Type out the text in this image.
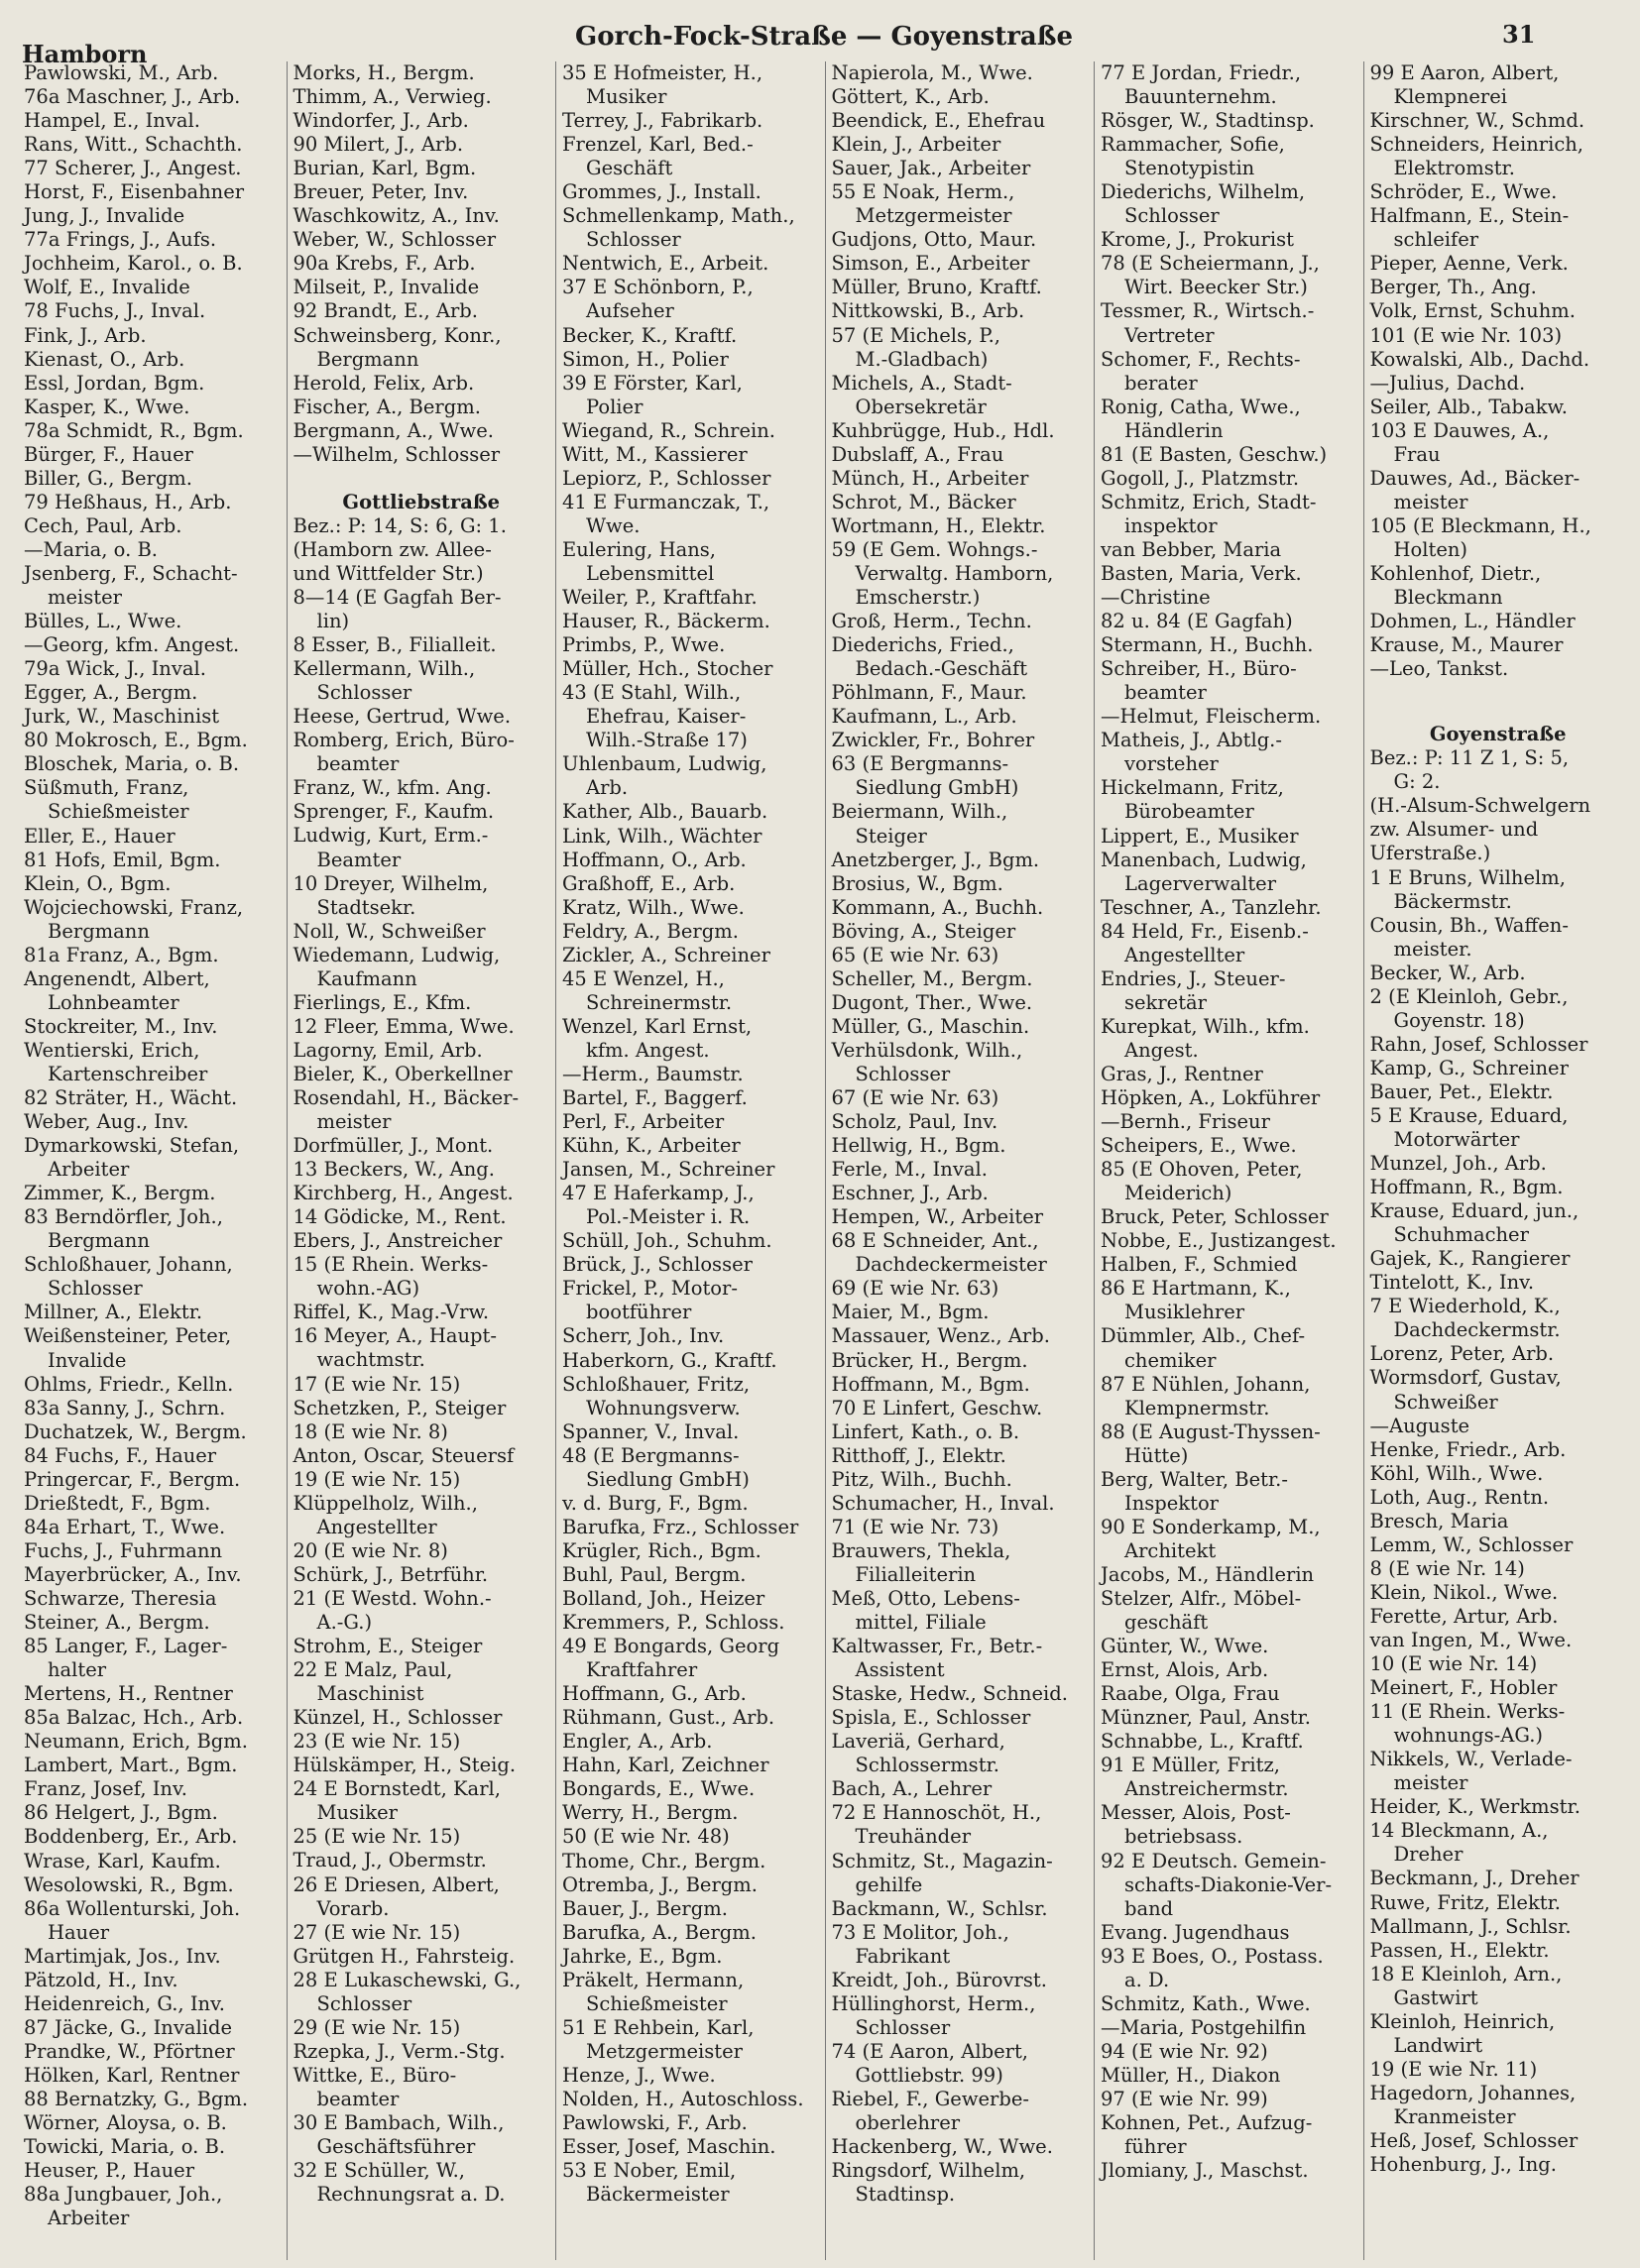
Hamborn
Gorch-Fock-Straße — Goyenstraße	31
Pawlowski, M., Arb.
76a Maschner, J., Arb.
Hampel, E., Inval.
Rans, Witt., Schachth.
77 Scherer, J., Angest.
Horst, F., Eisenbahner
Jung, J., Invalide
77a Frings, J., Aufs.
Jochheim, Karol., o. B.
Wolf, E., Invalide
78 Fuchs, J., Inval.
Fink, J., Arb.
Kienast, O., Arb.
Essl, Jordan, Bgm.
Kasper, K., Wwe.
78a Schmidt, R., Bgm.
Bürger, F., Hauer
Biller, G., Bergm.
79 Heßhaus, H., Arb.
Cech, Paul, Arb.
—Maria, o. B.
Jsenberg, F., Schacht-
meister
Bülles, L., Wwe.
—Georg, kfm. Angest.
79a Wick, J., Inval.
Egger, A., Bergm.
Jurk, W., Maschinist
80 Mokrosch, E., Bgm.
Bloschek, Maria, o. B.
Süßmuth, Franz,
Schießmeister
Eller, E., Hauer
81 Hofs, Emil, Bgm.
Klein, O., Bgm.
Wojciechowski, Franz,
Bergmann
81a Franz, A., Bgm.
Angenendt, Albert,
Lohnbeamter
Stockreiter, M., Inv.
Wentierski, Erich,
Kartenschreiber
82 Sträter, H., Wächt.
Weber, Aug., Inv.
Dymarkowski, Stefan,
Arbeiter
Zimmer, K., Bergm.
83 Berndörfler, Joh.,
Bergmann
Schloßhauer, Johann,
Schlosser
Millner, A., Elektr.
Weißensteiner, Peter,
Invalide
Ohlms, Friedr., Kelln.
83a Sanny, J., Schrn.
Duchatzek, W., Bergm.
84 Fuchs, F., Hauer
Pringercar, F., Bergm.
Drießtedt, F., Bgm.
84a Erhart, T., Wwe.
Fuchs, J., Fuhrmann
Mayerbrücker, A., Inv.
Schwarze, Theresia
Steiner, A., Bergm.
85 Langer, F., Lager-
halter
Mertens, H., Rentner
85a Balzac, Hch., Arb.
Neumann, Erich, Bgm.
Lambert, Mart., Bgm.
Franz, Josef, Inv.
86 Helgert, J., Bgm.
Boddenberg, Er., Arb.
Wrase, Karl, Kaufm.
Wesolowski, R., Bgm.
86a Wollenturski, Joh.
Hauer
Martimjak, Jos., Inv.
Pätzold, H., Inv.
Heidenreich, G., Inv.
87 Jäcke, G., Invalide
Prandke, W., Pförtner
Hölken, Karl, Rentner
88 Bernatzky, G., Bgm.
Wörner, Aloysa, o. B.
Towicki, Maria, o. B.
Heuser, P., Hauer
88a Jungbauer, Joh.,
Arbeiter
Morks, H., Bergm.
Thimm, A., Verwieg.
Windorfer, J., Arb.
90 Milert, J., Arb.
Burian, Karl, Bgm.
Breuer, Peter, Inv.
Waschkowitz, A., Inv.
Weber, W., Schlosser
90a Krebs, F., Arb.
Milseit, P., Invalide
92 Brandt, E., Arb.
Schweinsberg, Konr.,
Bergmann
Herold, Felix, Arb.
Fischer, A., Bergm.
Bergmann, A., Wwe.
—Wilhelm, Schlosser
Gottliebstraße
Bez.: P: 14, S: 6, G: 1.
(Hamborn zw. Allee-
und Wittfelder Str.)
8—14 (E Gagfah Ber-
lin)
8 Esser, B., Filialleit.
Kellermann, Wilh.,
Schlosser
Heese, Gertrud, Wwe.
Romberg, Erich, Büro-
beamter
Franz, W., kfm. Ang.
Sprenger, F., Kaufm.
Ludwig, Kurt, Erm.-
Beamter
10 Dreyer, Wilhelm,
Stadtsekr.
Noll, W., Schweißer
Wiedemann, Ludwig,
Kaufmann
Fierlings, E., Kfm.
12 Fleer, Emma, Wwe.
Lagorny, Emil, Arb.
Bieler, K., Oberkellner
Rosendahl, H., Bäcker-
meister
Dorfmüller, J., Mont.
13 Beckers, W., Ang.
Kirchberg, H., Angest.
14 Gödicke, M., Rent.
Ebers, J., Anstreicher
15 (E Rhein. Werks-
wohn.-AG)
Riffel, K., Mag.-Vrw.
16 Meyer, A., Haupt-
wachtmstr.
17 (E wie Nr. 15)
Schetzken, P., Steiger
18 (E wie Nr. 8)
Anton, Oscar, Steuersf
19 (E wie Nr. 15)
Klüppelholz, Wilh.,
Angestellter
20 (E wie Nr. 8)
Schürk, J., Betrführ.
21 (E Westd. Wohn.-
A.-G.)
Strohm, E., Steiger
22 E Malz, Paul,
Maschinist
Künzel, H., Schlosser
23 (E wie Nr. 15)
Hülskämper, H., Steig.
24 E Bornstedt, Karl,
Musiker
25 (E wie Nr. 15)
Traud, J., Obermstr.
26 E Driesen, Albert,
Vorarb.
27 (E wie Nr. 15)
Grütgen H., Fahrsteig.
28 E Lukaschewski, G.,
Schlosser
29 (E wie Nr. 15)
Rzepka, J., Verm.-Stg.
Wittke, E., Büro-
beamter
30 E Bambach, Wilh.,
Geschäftsführer
32 E Schüller, W.,
Rechnungsrat a. D.
35 E Hofmeister, H.,
Musiker
Terrey, J., Fabrikarb.
Frenzel, Karl, Bed.-
Geschäft
Grommes, J., Install.
Schmellenkamp, Math.,
Schlosser
Nentwich, E., Arbeit.
37 E Schönborn, P.,
Aufseher
Becker, K., Kraftf.
Simon, H., Polier
39 E Förster, Karl,
Polier
Wiegand, R., Schrein.
Witt, M., Kassierer
Lepiorz, P., Schlosser
41 E Furmanczak, T.,
Wwe.
Eulering, Hans,
Lebensmittel
Weiler, P., Kraftfahr.
Hauser, R., Bäckerm.
Primbs, P., Wwe.
Müller, Hch., Stocher
43 (E Stahl, Wilh.,
Ehefrau, Kaiser-
Wilh.-Straße 17)
Uhlenbaum, Ludwig,
Arb.
Kather, Alb., Bauarb.
Link, Wilh., Wächter
Hoffmann, O., Arb.
Graßhoff, E., Arb.
Kratz, Wilh., Wwe.
Feldry, A., Bergm.
Zickler, A., Schreiner
45 E Wenzel, H.,
Schreinermstr.
Wenzel, Karl Ernst,
kfm. Angest.
—Herm., Baumstr.
Bartel, F., Baggerf.
Perl, F., Arbeiter
Kühn, K., Arbeiter
Jansen, M., Schreiner
47 E Haferkamp, J.,
Pol.-Meister i. R.
Schüll, Joh., Schuhm.
Brück, J., Schlosser
Frickel, P., Motor-
bootführer
Scherr, Joh., Inv.
Haberkorn, G., Kraftf.
Schloßhauer, Fritz,
Wohnungsverw.
Spanner, V., Inval.
48 (E Bergmanns-
Siedlung GmbH)
v. d. Burg, F., Bgm.
Barufka, Frz., Schlosser
Krügler, Rich., Bgm.
Buhl, Paul, Bergm.
Bolland, Joh., Heizer
Kremmers, P., Schloss.
49 E Bongards, Georg
Kraftfahrer
Hoffmann, G., Arb.
Rühmann, Gust., Arb.
Engler, A., Arb.
Hahn, Karl, Zeichner
Bongards, E., Wwe.
Werry, H., Bergm.
50 (E wie Nr. 48)
Thome, Chr., Bergm.
Otremba, J., Bergm.
Bauer, J., Bergm.
Barufka, A., Bergm.
Jahrke, E., Bgm.
Präkelt, Hermann,
Schießmeister
51 E Rehbein, Karl,
Metzgermeister
Henze, J., Wwe.
Nolden, H., Autoschloss.
Pawlowski, F., Arb.
Esser, Josef, Maschin.
53 E Nober, Emil,
Bäckermeister
Napierola, M., Wwe.
Göttert, K., Arb.
Beendick, E., Ehefrau
Klein, J., Arbeiter
Sauer, Jak., Arbeiter
55 E Noak, Herm.,
Metzgermeister
Gudjons, Otto, Maur.
Simson, E., Arbeiter
Müller, Bruno, Kraftf.
Nittkowski, B., Arb.
57 (E Michels, P.,
M.-Gladbach)
Michels, A., Stadt-
Obersekretär
Kuhbrügge, Hub., Hdl.
Dubslaff, A., Frau
Münch, H., Arbeiter
Schrot, M., Bäcker
Wortmann, H., Elektr.
59 (E Gem. Wohngs.-
Verwaltg. Hamborn,
Emscherstr.)
Groß, Herm., Techn.
Diederichs, Fried.,
Bedach.-Geschäft
Pöhlmann, F., Maur.
Kaufmann, L., Arb.
Zwickler, Fr., Bohrer
63 (E Bergmanns-
Siedlung GmbH)
Beiermann, Wilh.,
Steiger
Anetzberger, J., Bgm.
Brosius, W., Bgm.
Kommann, A., Buchh.
Böving, A., Steiger
65 (E wie Nr. 63)
Scheller, M., Bergm.
Dugont, Ther., Wwe.
Müller, G., Maschin.
Verhülsdonk, Wilh.,
Schlosser
67 (E wie Nr. 63)
Scholz, Paul, Inv.
Hellwig, H., Bgm.
Ferle, M., Inval.
Eschner, J., Arb.
Hempen, W., Arbeiter
68 E Schneider, Ant.,
Dachdeckermeister
69 (E wie Nr. 63)
Maier, M., Bgm.
Massauer, Wenz., Arb.
Brücker, H., Bergm.
Hoffmann, M., Bgm.
70 E Linfert, Geschw.
Linfert, Kath., o. B.
Ritthoff, J., Elektr.
Pitz, Wilh., Buchh.
Schumacher, H., Inval.
71 (E wie Nr. 73)
Brauwers, Thekla,
Filialleiterin
Meß, Otto, Lebens-
mittel, Filiale
Kaltwasser, Fr., Betr.-
Assistent
Staske, Hedw., Schneid.
Spisla, E., Schlosser
Laveriä, Gerhard,
Schlossermstr.
Bach, A., Lehrer
72 E Hannoschöt, H.,
Treuhänder
Schmitz, St., Magazin-
gehilfe
Backmann, W., Schlsr.
73 E Molitor, Joh.,
Fabrikant
Kreidt, Joh., Bürovrst.
Hüllinghorst, Herm.,
Schlosser
74 (E Aaron, Albert,
Gottliebstr. 99)
Riebel, F., Gewerbe-
oberlehrer
Hackenberg, W., Wwe.
Ringsdorf, Wilhelm,
Stadtinsp.
77 E Jordan, Friedr.,
Bauunternehm.
Rösger, W., Stadtinsp.
Rammacher, Sofie,
Stenotypistin
Diederichs, Wilhelm,
Schlosser
Krome, J., Prokurist
78 (E Scheiermann, J.,
Wirt. Beecker Str.)
Tessmer, R., Wirtsch.-
Vertreter
Schomer, F., Rechts-
berater
Ronig, Catha, Wwe.,
Händlerin
81 (E Basten, Geschw.)
Gogoll, J., Platzmstr.
Schmitz, Erich, Stadt-
inspektor
van Bebber, Maria
Basten, Maria, Verk.
—Christine
82 u. 84 (E Gagfah)
Stermann, H., Buchh.
Schreiber, H., Büro-
beamter
—Helmut, Fleischerm.
Matheis, J., Abtlg.-
vorsteher
Hickelmann, Fritz,
Bürobeamter
Lippert, E., Musiker
Manenbach, Ludwig,
Lagerverwalter
Teschner, A., Tanzlehr.
84 Held, Fr., Eisenb.-
Angestellter
Endries, J., Steuer-
sekretär
Kurepkat, Wilh., kfm.
Angest.
Gras, J., Rentner
Höpken, A., Lokführer
—Bernh., Friseur
Scheipers, E., Wwe.
85 (E Ohoven, Peter,
Meiderich)
Bruck, Peter, Schlosser
Nobbe, E., Justizangest.
Halben, F., Schmied
86 E Hartmann, K.,
Musiklehrer
Dümmler, Alb., Chef-
chemiker
87 E Nühlen, Johann,
Klempnermstr.
88 (E August-Thyssen-
Hütte)
Berg, Walter, Betr.-
Inspektor
90 E Sonderkamp, M.,
Architekt
Jacobs, M., Händlerin
Stelzer, Alfr., Möbel-
geschäft
Günter, W., Wwe.
Ernst, Alois, Arb.
Raabe, Olga, Frau
Münzner, Paul, Anstr.
Schnabbe, L., Kraftf.
91 E Müller, Fritz,
Anstreichermstr.
Messer, Alois, Post-
betriebsass.
92 E Deutsch. Gemein-
schafts-Diakonie-Ver-
band
Evang. Jugendhaus
93 E Boes, O., Postass.
a. D.
Schmitz, Kath., Wwe.
—Maria, Postgehilfin
94 (E wie Nr. 92)
Müller, H., Diakon
97 (E wie Nr. 99)
Kohnen, Pet., Aufzug-
führer
Jlomiany, J., Maschst.
99 E Aaron, Albert,
Klempnerei
Kirschner, W., Schmd.
Schneiders, Heinrich,
Elektromstr.
Schröder, E., Wwe.
Halfmann, E., Stein-
schleifer
Pieper, Aenne, Verk.
Berger, Th., Ang.
Volk, Ernst, Schuhm.
101 (E wie Nr. 103)
Kowalski, Alb., Dachd.
—Julius, Dachd.
Seiler, Alb., Tabakw.
103 E Dauwes, A.,
Frau
Dauwes, Ad., Bäcker-
meister
105 (E Bleckmann, H.,
Holten)
Kohlenhof, Dietr.,
Bleckmann
Dohmen, L., Händler
Krause, M., Maurer
—Leo, Tankst.
Goyenstraße
Bez.: P: 11 Z 1, S: 5,
G: 2.
(H.-Alsum-Schwelgern
zw. Alsumer- und
Uferstraße.)
1 E Bruns, Wilhelm,
Bäckermstr.
Cousin, Bh., Waffen-
meister.
Becker, W., Arb.
2 (E Kleinloh, Gebr.,
Goyenstr. 18)
Rahn, Josef, Schlosser
Kamp, G., Schreiner
Bauer, Pet., Elektr.
5 E Krause, Eduard,
Motorwärter
Munzel, Joh., Arb.
Hoffmann, R., Bgm.
Krause, Eduard, jun.,
Schuhmacher
Gajek, K., Rangierer
Tintelott, K., Inv.
7 E Wiederhold, K.,
Dachdeckermstr.
Lorenz, Peter, Arb.
Wormsdorf, Gustav,
Schweißer
—Auguste
Henke, Friedr., Arb.
Köhl, Wilh., Wwe.
Loth, Aug., Rentn.
Bresch, Maria
Lemm, W., Schlosser
8 (E wie Nr. 14)
Klein, Nikol., Wwe.
Ferette, Artur, Arb.
van Ingen, M., Wwe.
10 (E wie Nr. 14)
Meinert, F., Hobler
11 (E Rhein. Werks-
wohnungs-AG.)
Nikkels, W., Verlade-
meister
Heider, K., Werkmstr.
14 Bleckmann, A.,
Dreher
Beckmann, J., Dreher
Ruwe, Fritz, Elektr.
Mallmann, J., Schlsr.
Passen, H., Elektr.
18 E Kleinloh, Arn.,
Gastwirt
Kleinloh, Heinrich,
Landwirt
19 (E wie Nr. 11)
Hagedorn, Johannes,
Kranmeister
Heß, Josef, Schlosser
Hohenburg, J., Ing.
